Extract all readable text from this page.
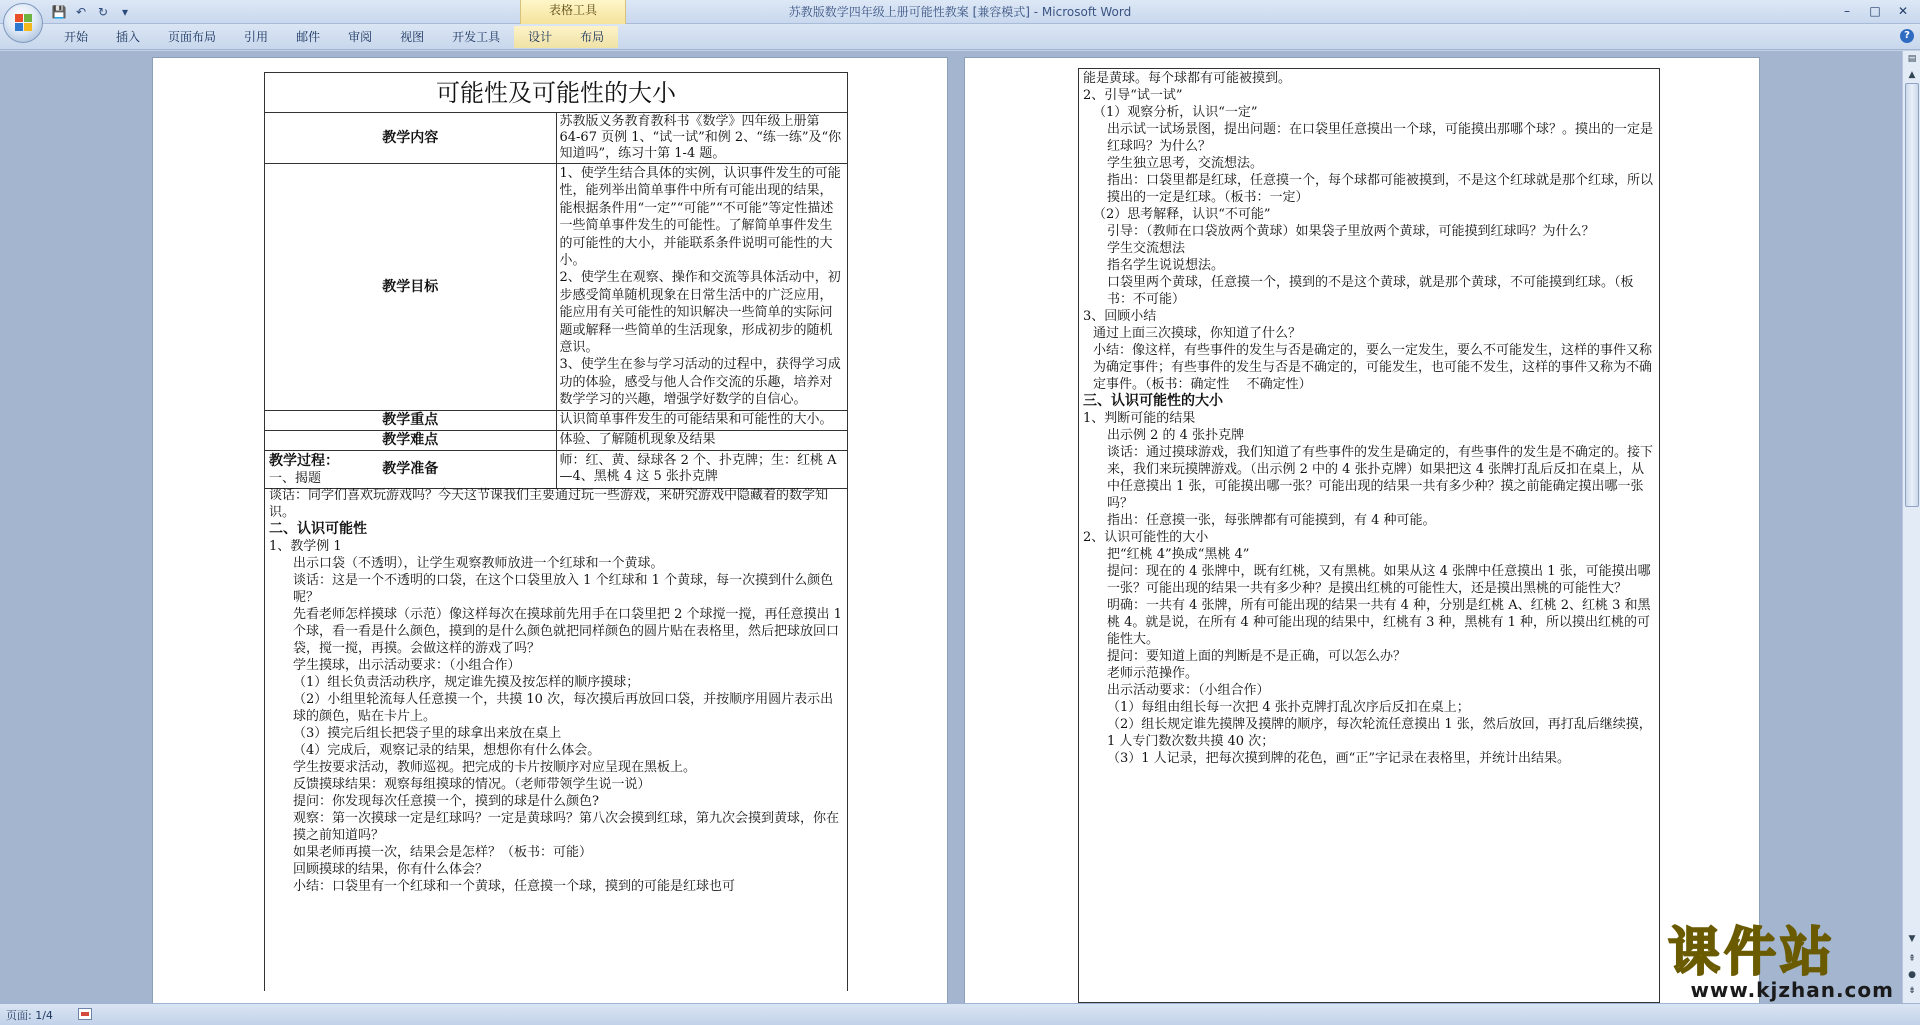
表格工具	苏教版数学四年级上册可能性教案 [兼容模式] - Microsoft Word
💾 ↶ ↻	▾	–	□	✕
开始	插入	页面布局	引用	邮件	审阅	视图	开发工具	设计	布局	?
可能性及可能性的大小	
教学内容	苏教版义务教育教科书《数学》四年级上册第 64-67 页例 1、“试一试”和例 2、“练一练”及“你知道吗”，练习十第 1-4 题。
教学目标	1、使学生结合具体的实例，认识事件发生的可能性，能列举出简单事件中所有可能出现的结果，能根据条件用“一定”“可能”“不可能”等定性描述一些简单事件发生的可能性。了解简单事件发生的可能性的大小，并能联系条件说明可能性的大小。
2、使学生在观察、操作和交流等具体活动中，初步感受简单随机现象在日常生活中的广泛应用，能应用有关可能性的知识解决一些简单的实际问题或解释一些简单的生活现象，形成初步的随机意识。
3、使学生在参与学习活动的过程中，获得学习成功的体验，感受与他人合作交流的乐趣，培养对数学学习的兴趣，增强学好数学的自信心。

教学重点	认识简单事件发生的可能结果和可能性的大小。
教学难点	体验、了解随机现象及结果
教学准备	师：红、黄、绿球各 2 个、扑克牌；生：红桃 A—4、黑桃 4 这 5 张扑克牌
教学过程：
一、揭题
谈话：同学们喜欢玩游戏吗？今天这节课我们主要通过玩一些游戏，来研究游戏中隐藏着的数学知识。
二、认识可能性
1、教学例 1
出示口袋（不透明），让学生观察教师放进一个红球和一个黄球。
谈话：这是一个不透明的口袋，在这个口袋里放入 1 个红球和 1 个黄球，每一次摸到什么颜色呢？
先看老师怎样摸球（示范）像这样每次在摸球前先用手在口袋里把 2 个球搅一搅，再任意摸出 1 个球，看一看是什么颜色，摸到的是什么颜色就把同样颜色的圆片贴在表格里，然后把球放回口袋，搅一搅，再摸。会做这样的游戏了吗？
学生摸球，出示活动要求：（小组合作）
（1）组长负责活动秩序，规定谁先摸及按怎样的顺序摸球；
（2）小组里轮流每人任意摸一个，共摸 10 次，每次摸后再放回口袋，并按顺序用圆片表示出球的颜色，贴在卡片上。
（3）摸完后组长把袋子里的球拿出来放在桌上
（4）完成后，观察记录的结果，想想你有什么体会。
学生按要求活动，教师巡视。把完成的卡片按顺序对应呈现在黑板上。
反馈摸球结果：观察每组摸球的情况。（老师带领学生说一说）
提问：你发现每次任意摸一个，摸到的球是什么颜色?
观察：第一次摸球一定是红球吗？一定是黄球吗？第八次会摸到红球，第九次会摸到黄球，你在摸之前知道吗？
如果老师再摸一次，结果会是怎样？（板书：可能）
回顾摸球的结果，你有什么体会？
小结：口袋里有一个红球和一个黄球，任意摸一个球，摸到的可能是红球也可
能是黄球。每个球都有可能被摸到。
2、引导“试一试”
（1）观察分析，认识“一定”
出示试一试场景图，提出问题：在口袋里任意摸出一个球，可能摸出那哪个球？。摸出的一定是红球吗？为什么？
学生独立思考，交流想法。
指出：口袋里都是红球，任意摸一个，每个球都可能被摸到，不是这个红球就是那个红球，所以摸出的一定是红球。（板书：一定）
（2）思考解释，认识“不可能”
引导：（教师在口袋放两个黄球）如果袋子里放两个黄球，可能摸到红球吗？为什么？
学生交流想法
指名学生说说想法。
口袋里两个黄球，任意摸一个，摸到的不是这个黄球，就是那个黄球，不可能摸到红球。（板书：不可能）
3、回顾小结
通过上面三次摸球，你知道了什么？
小结：像这样，有些事件的发生与否是确定的，要么一定发生，要么不可能发生，这样的事件又称为确定事件；有些事件的发生与否是不确定的，可能发生，也可能不发生，这样的事件又称为不确定事件。（板书：确定性　 不确定性）
三、认识可能性的大小
1、判断可能的结果
出示例 2 的 4 张扑克牌
谈话：通过摸球游戏，我们知道了有些事件的发生是确定的，有些事件的发生是不确定的。接下来，我们来玩摸牌游戏。（出示例 2 中的 4 张扑克牌）如果把这 4 张牌打乱后反扣在桌上，从中任意摸出 1 张，可能摸出哪一张？可能出现的结果一共有多少种？摸之前能确定摸出哪一张吗？
指出：任意摸一张，每张牌都有可能摸到，有 4 种可能。
2、认识可能性的大小
把“红桃 4”换成“黑桃 4”
提问：现在的 4 张牌中，既有红桃，又有黑桃。如果从这 4 张牌中任意摸出 1 张，可能摸出哪一张？可能出现的结果一共有多少种？是摸出红桃的可能性大，还是摸出黑桃的可能性大？
明确：一共有 4 张牌，所有可能出现的结果一共有 4 种，分别是红桃 A、红桃 2、红桃 3 和黑桃 4。就是说，在所有 4 种可能出现的结果中，红桃有 3 种，黑桃有 1 种，所以摸出红桃的可能性大。
提问：要知道上面的判断是不是正确，可以怎么办？
老师示范操作。
出示活动要求：（小组合作）
（1）每组由组长每一次把 4 张扑克牌打乱次序后反扣在桌上；
（2）组长规定谁先摸牌及摸牌的顺序，每次轮流任意摸出 1 张，然后放回，再打乱后继续摸，1 人专门数次数共摸 40 次；
（3）1 人记录，把每次摸到牌的花色，画“正”字记录在表格里，并统计出结果。
▤
▲
▼
⇞
●
⇟
页面: 1/4
课件站
www.kjzhan.com
